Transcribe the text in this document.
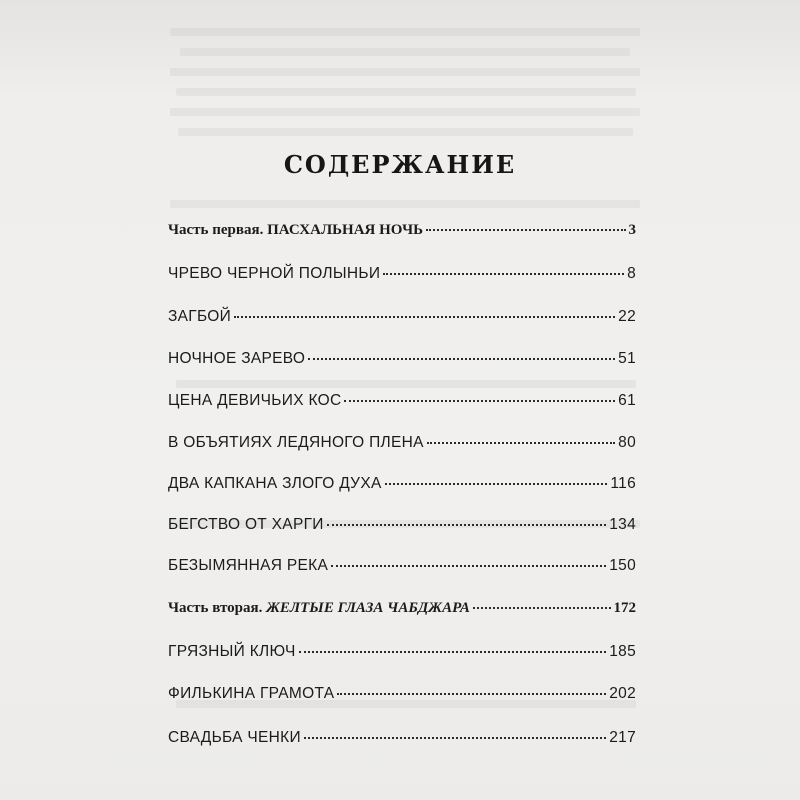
СОДЕРЖАНИЕ
Часть первая. ПАСХАЛЬНАЯ НОЧЬ	3
ЧРЕВО ЧЕРНОЙ ПОЛЫНЬИ	8
ЗАГБОЙ	22
НОЧНОЕ ЗАРЕВО	51
ЦЕНА ДЕВИЧЬИХ КОС	61
В ОБЪЯТИЯХ ЛЕДЯНОГО ПЛЕНА	80
ДВА КАПКАНА ЗЛОГО ДУХА	116
БЕГСТВО ОТ ХАРГИ	134
БЕЗЫМЯННАЯ РЕКА	150
Часть вторая. ЖЕЛТЫЕ ГЛАЗА ЧАБДЖАРА	172
ГРЯЗНЫЙ КЛЮЧ	185
ФИЛЬКИНА ГРАМОТА	202
СВАДЬБА ЧЕНКИ	217
